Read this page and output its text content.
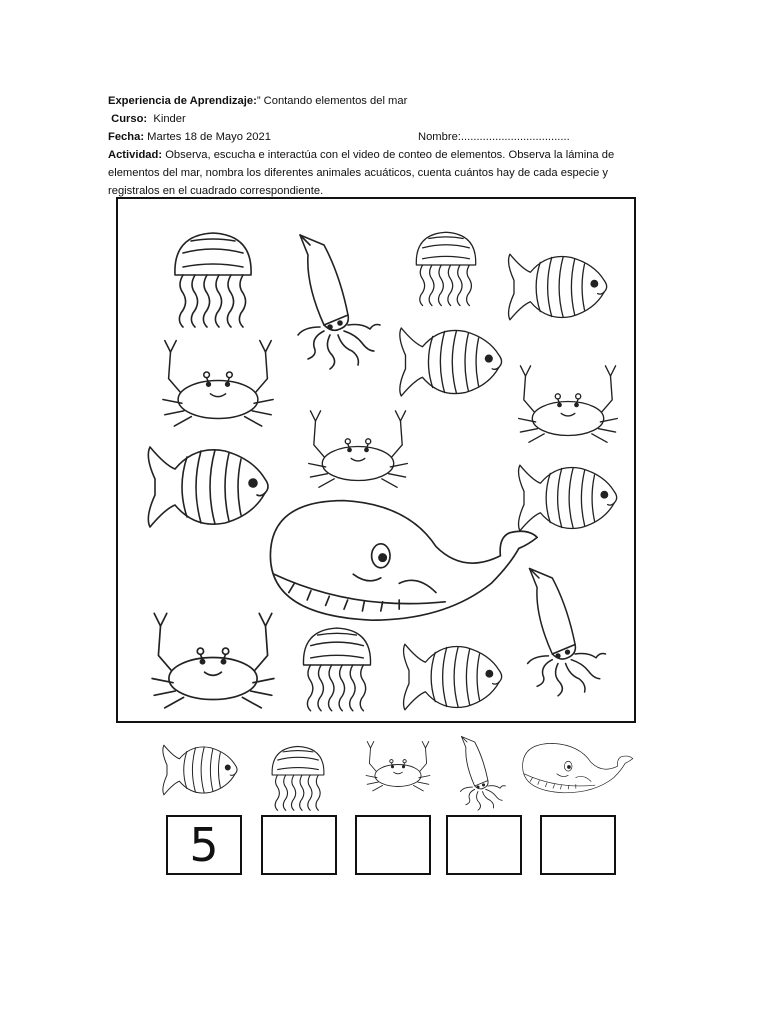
Experiencia de Aprendizaje:” Contando elementos del mar
Curso: Kinder
Fecha: Martes 18 de Mayo 2021	Nombre:...................................
Actividad: Observa, escucha e interactúa con el video de conteo de elementos. Observa la lámina de elementos del mar, nombra los diferentes animales acuáticos, cuenta cuántos hay de cada especie y registralos en el cuadrado correspondiente.
5
